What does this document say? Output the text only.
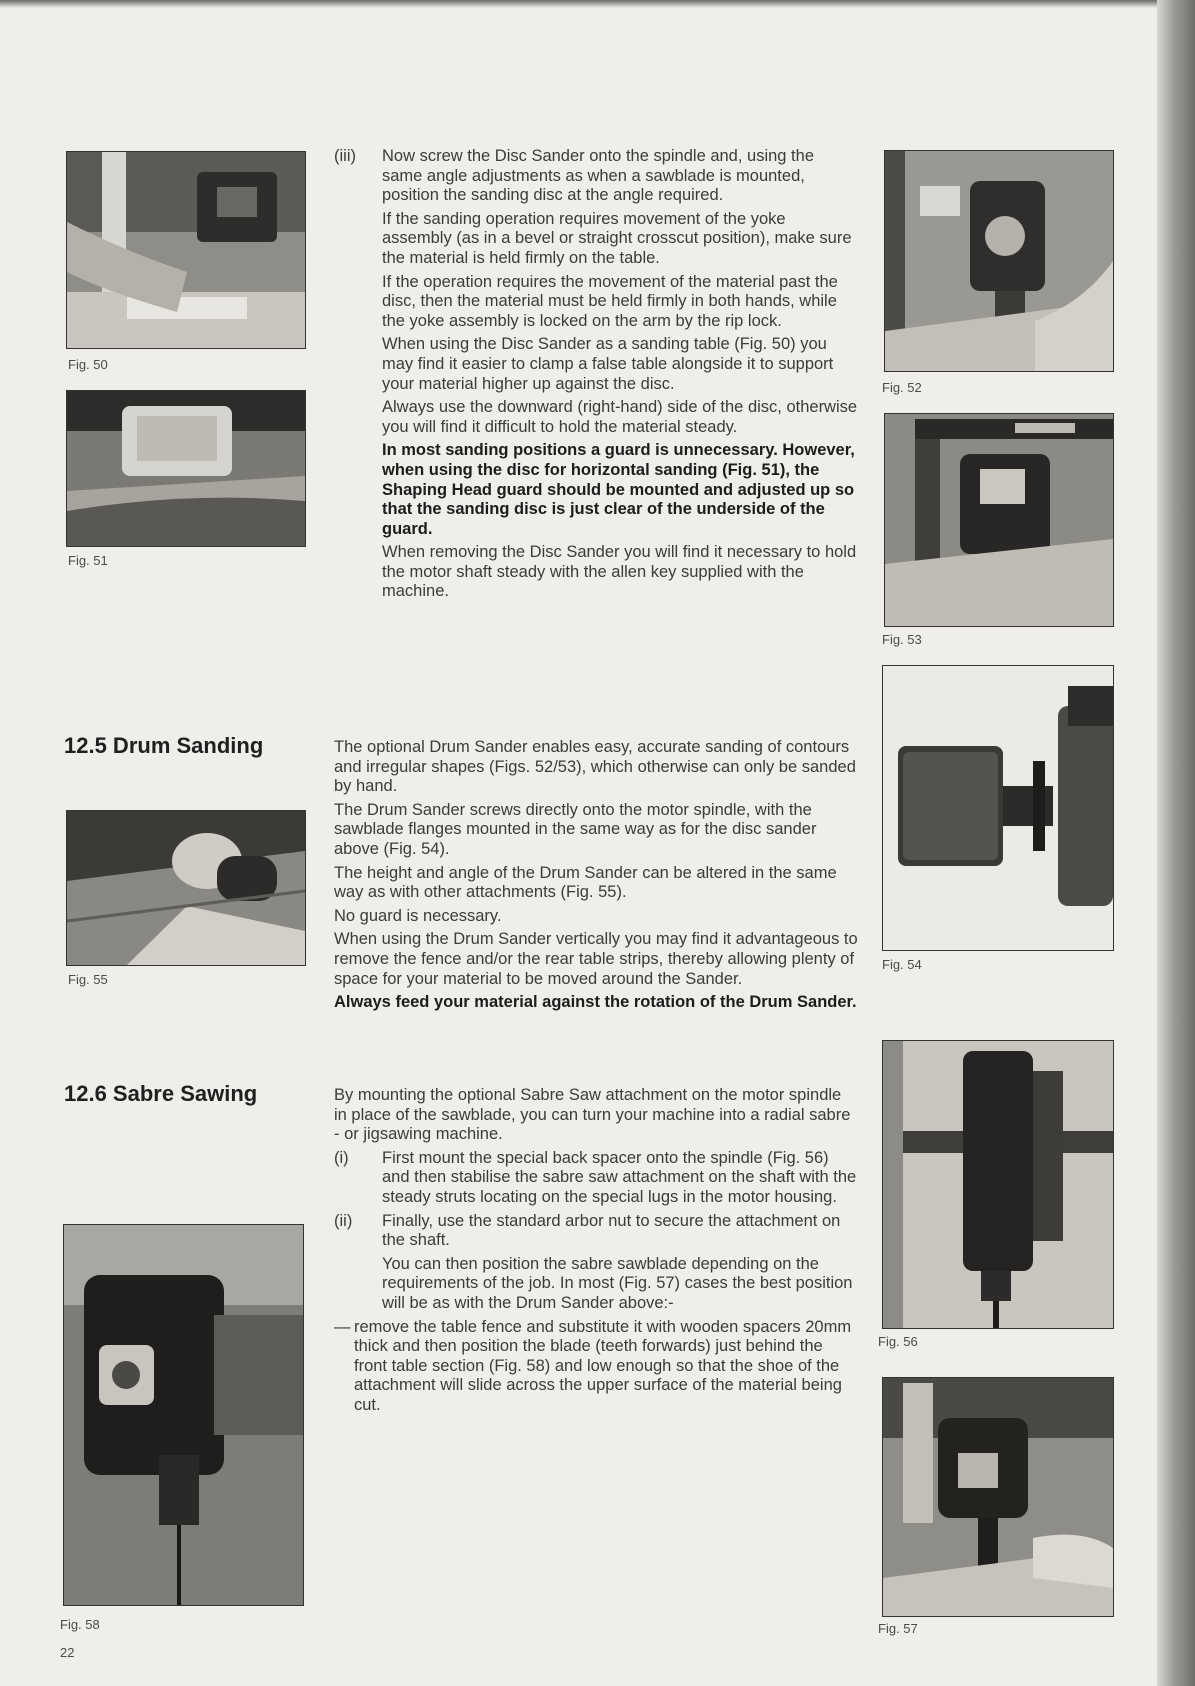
Fig. 50
Fig. 51
12.5 Drum Sanding
Fig. 55
12.6 Sabre Sawing
Fig. 58
22
Fig. 52
Fig. 53
Fig. 54
Fig. 56
Fig. 57
(iii)	Now screw the Disc Sander onto the spindle and, using the same angle adjustments as when a sawblade is mounted, position the sanding disc at the angle required.

If the sanding operation requires movement of the yoke assembly (as in a bevel or straight crosscut position), make sure the material is held firmly on the table.

If the operation requires the movement of the material past the disc, then the material must be held firmly in both hands, while the yoke assembly is locked on the arm by the rip lock.

When using the Disc Sander as a sanding table (Fig. 50) you may find it easier to clamp a false table alongside it to support your material higher up against the disc.

Always use the downward (right-hand) side of the disc, otherwise you will find it difficult to hold the material steady.

In most sanding positions a guard is unnecessary. However, when using the disc for horizontal sanding (Fig. 51), the Shaping Head guard should be mounted and adjusted up so that the sanding disc is just clear of the underside of the guard.

When removing the Disc Sander you will find it necessary to hold the motor shaft steady with the allen key supplied with the machine.

The optional Drum Sander enables easy, accurate sanding of contours and irregular shapes (Figs. 52/53), which otherwise can only be sanded by hand.

The Drum Sander screws directly onto the motor spindle, with the sawblade flanges mounted in the same way as for the disc sander above (Fig. 54).

The height and angle of the Drum Sander can be altered in the same way as with other attachments (Fig. 55).

No guard is necessary.

When using the Drum Sander vertically you may find it advantageous to remove the fence and/or the rear table strips, thereby allowing plenty of space for your material to be moved around the Sander.

Always feed your material against the rotation of the Drum Sander.

By mounting the optional Sabre Saw attachment on the motor spindle in place of the sawblade, you can turn your machine into a radial sabre - or jigsawing machine.

(i)	First mount the special back spacer onto the spindle (Fig. 56) and then stabilise the sabre saw attachment on the shaft with the steady struts locating on the special lugs in the motor housing.

(ii)	Finally, use the standard arbor nut to secure the attachment on the shaft.

You can then position the sabre sawblade depending on the requirements of the job. In most (Fig. 57) cases the best position will be as with the Drum Sander above:-

— remove the table fence and substitute it with wooden spacers 20mm thick and then position the blade (teeth forwards) just behind the front table section (Fig. 58) and low enough so that the shoe of the attachment will slide across the upper surface of the material being cut.
